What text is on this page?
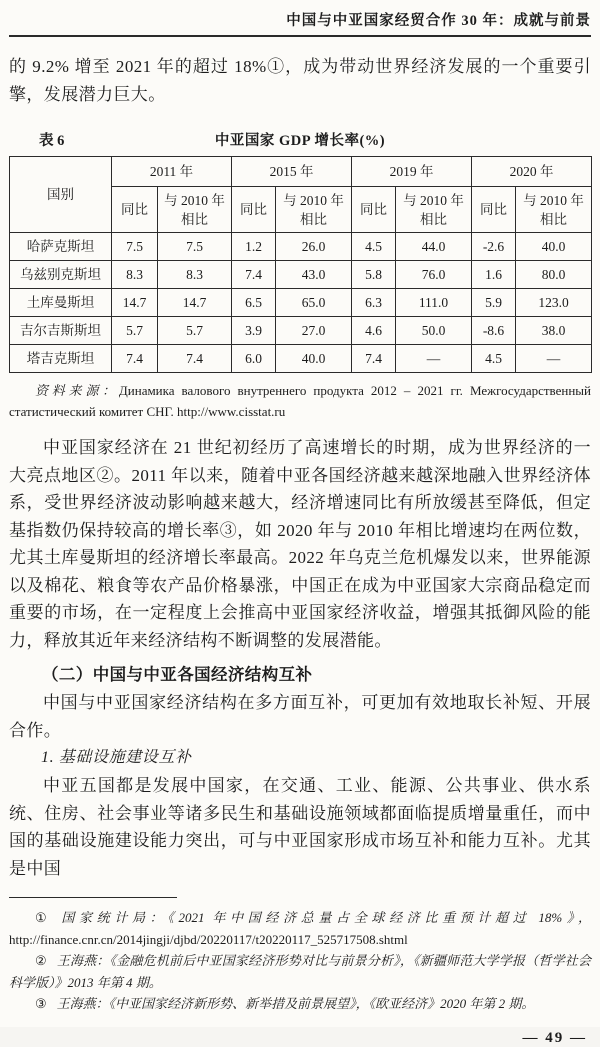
中国与中亚国家经贸合作 30 年：成就与前景

的 9.2% 增至 2021 年的超过 18%①，成为带动世界经济发展的一个重要引擎，发展潜力巨大。

表 6	中亚国家 GDP 增长率(%)
国别	2011 年		2015 年		2019 年		2020 年	
	同比	与 2010 年相比	同比	与 2010 年相比	同比	与 2010 年相比	同比	与 2010 年相比
哈萨克斯坦	7.5	7.5	1.2	26.0	4.5	44.0	-2.6	40.0
乌兹别克斯坦	8.3	8.3	7.4	43.0	5.8	76.0	1.6	80.0
土库曼斯坦	14.7	14.7	6.5	65.0	6.3	111.0	5.9	123.0
吉尔吉斯斯坦	5.7	5.7	3.9	27.0	4.6	50.0	-8.6	38.0
塔吉克斯坦	7.4	7.4	6.0	40.0	7.4	—	4.5	—

资料来源：Динамика валового внутреннего продукта 2012 – 2021 гг. Межгосударственный статистический комитет СНГ. http://www.cisstat.ru

中亚国家经济在 21 世纪初经历了高速增长的时期，成为世界经济的一大亮点地区②。2011 年以来，随着中亚各国经济越来越深地融入世界经济体系，受世界经济波动影响越来越大，经济增速同比有所放缓甚至降低，但定基指数仍保持较高的增长率③，如 2020 年与 2010 年相比增速均在两位数，尤其土库曼斯坦的经济增长率最高。2022 年乌克兰危机爆发以来，世界能源以及棉花、粮食等农产品价格暴涨，中国正在成为中亚国家大宗商品稳定而重要的市场，在一定程度上会推高中亚国家经济收益，增强其抵御风险的能力，释放其近年来经济结构不断调整的发展潜能。

（二）中国与中亚各国经济结构互补

中国与中亚国家经济结构在多方面互补，可更加有效地取长补短、开展合作。

1. 基础设施建设互补

中亚五国都是发展中国家，在交通、工业、能源、公共事业、供水系统、住房、社会事业等诸多民生和基础设施领域都面临提质增量重任，而中国的基础设施建设能力突出，可与中亚国家形成市场互补和能力互补。尤其是中国

① 国家统计局：《2021 年中国经济总量占全球经济比重预计超过 18%》，http://finance.cnr.cn/2014jingji/djbd/20220117/t20220117_525717508.shtml

② 王海燕：《金融危机前后中亚国家经济形势对比与前景分析》，《新疆师范大学学报（哲学社会科学版）》2013 年第 4 期。

③ 王海燕：《中亚国家经济新形势、新举措及前景展望》，《欧亚经济》2020 年第 2 期。

— 49 —
